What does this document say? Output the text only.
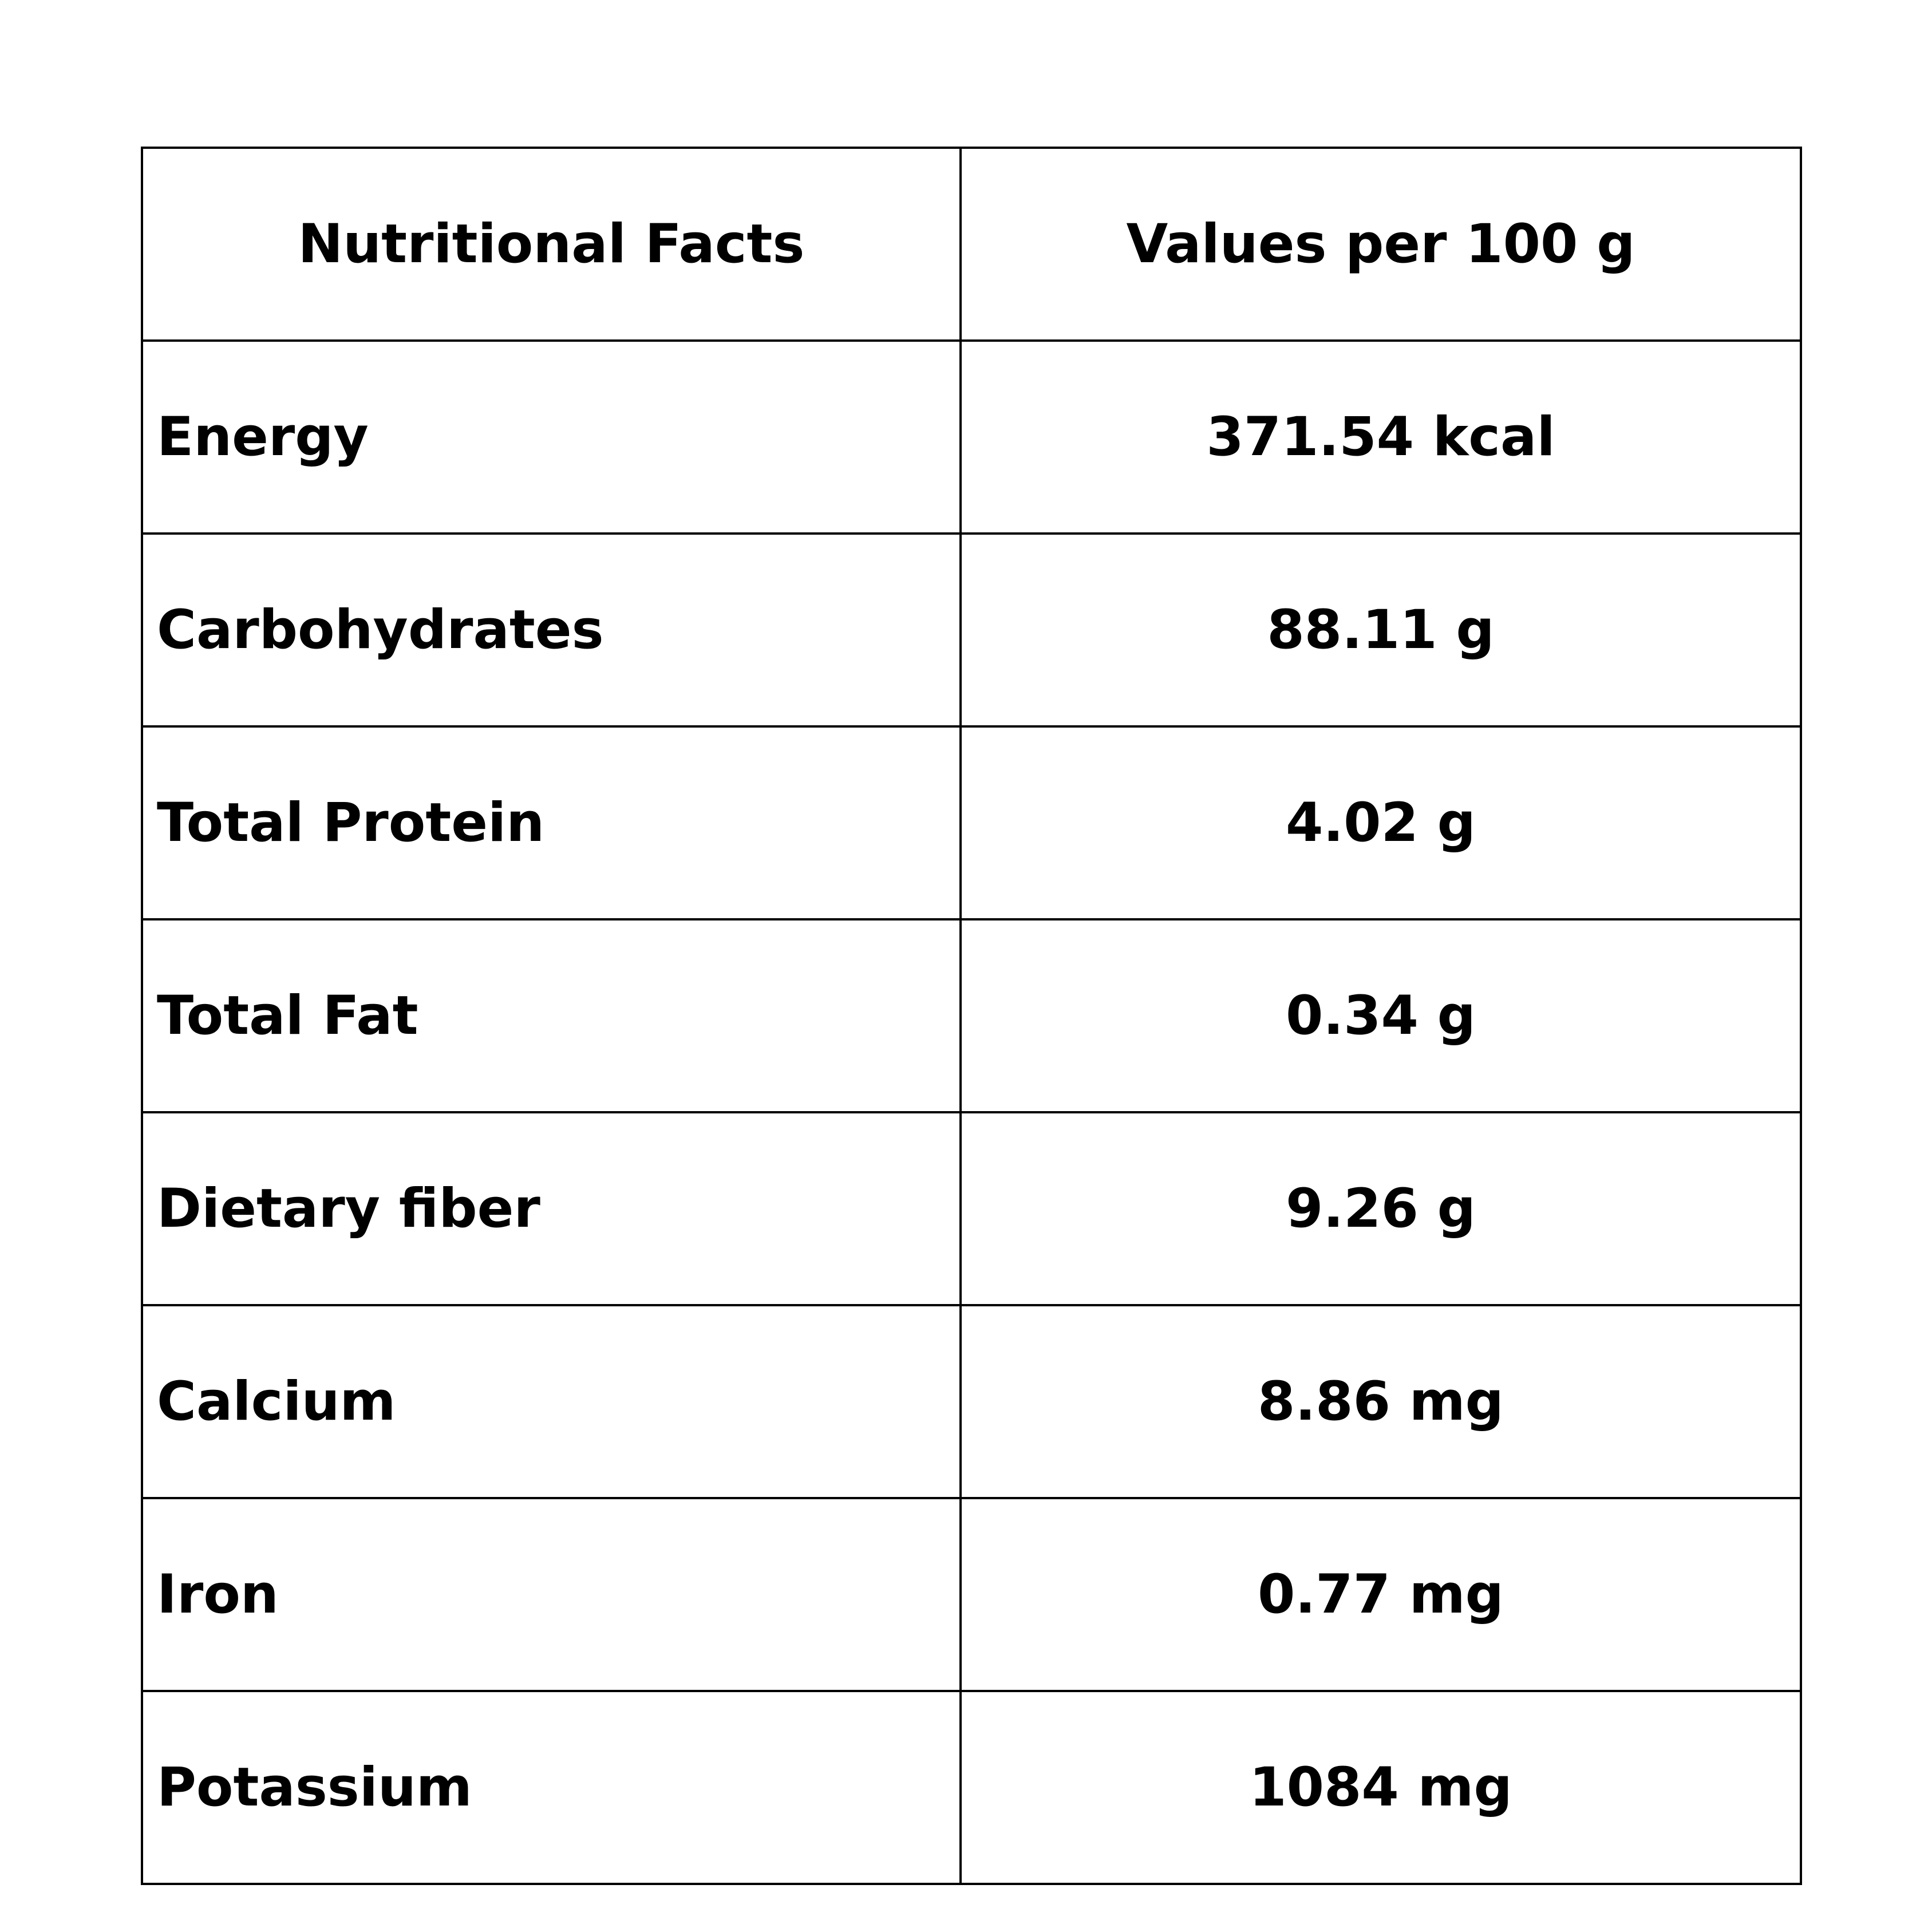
Nutritional Facts	Values per 100 g
Energy	371.54 kcal
Carbohydrates	88.11 g
Total Protein	4.02 g
Total Fat	0.34 g
Dietary fiber	9.26 g
Calcium	8.86 mg
Iron	0.77 mg
Potassium	1084 mg
